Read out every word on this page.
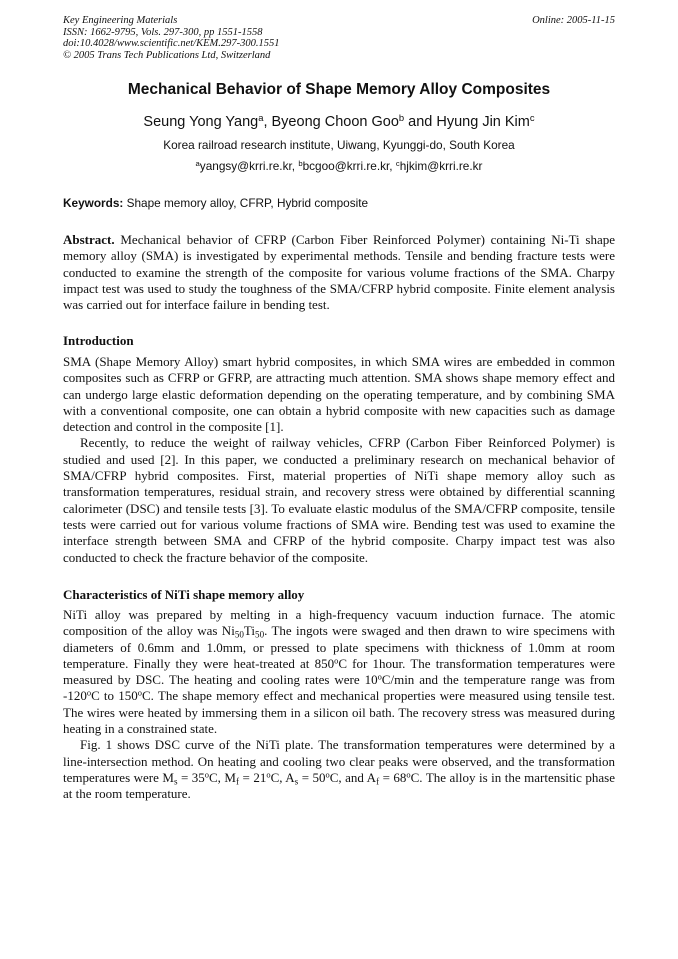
Key Engineering Materials
ISSN: 1662-9795, Vols. 297-300, pp 1551-1558
doi:10.4028/www.scientific.net/KEM.297-300.1551
© 2005 Trans Tech Publications Ltd, Switzerland
Online: 2005-11-15
Mechanical Behavior of Shape Memory Alloy Composites
Seung Yong Yang$^a$, Byeong Choon Goo$^b$ and Hyung Jin Kim$^c$
Korea railroad research institute, Uiwang, Kyunggi-do, South Korea
$^a$yangsy@krri.re.kr, $^b$bcgoo@krri.re.kr, $^c$hjkim@krri.re.kr
Keywords: Shape memory alloy, CFRP, Hybrid composite
Abstract. Mechanical behavior of CFRP (Carbon Fiber Reinforced Polymer) containing Ni-Ti shape memory alloy (SMA) is investigated by experimental methods. Tensile and bending fracture tests were conducted to examine the strength of the composite for various volume fractions of the SMA. Charpy impact test was used to study the toughness of the SMA/CFRP hybrid composite. Finite element analysis was carried out for interface failure in bending test.
Introduction

SMA (Shape Memory Alloy) smart hybrid composites, in which SMA wires are embedded in common composites such as CFRP or GFRP, are attracting much attention. SMA shows shape memory effect and can undergo large elastic deformation depending on the operating temperature, and by combining SMA with a conventional composite, one can obtain a hybrid composite with new capacities such as damage detection and control in the composite [1].

Recently, to reduce the weight of railway vehicles, CFRP (Carbon Fiber Reinforced Polymer) is studied and used [2]. In this paper, we conducted a preliminary research on mechanical behavior of SMA/CFRP hybrid composites. First, material properties of NiTi shape memory alloy such as transformation temperatures, residual strain, and recovery stress were obtained by differential scanning calorimeter (DSC) and tensile tests [3]. To evaluate elastic modulus of the SMA/CFRP composite, tensile tests were carried out for various volume fractions of SMA wire. Bending test was used to examine the interface strength between SMA and CFRP of the hybrid composite. Charpy impact test was also conducted to check the fracture behavior of the composite.

Characteristics of NiTi shape memory alloy

NiTi alloy was prepared by melting in a high-frequency vacuum induction furnace. The atomic composition of the alloy was $Ni_{50}Ti_{50}$. The ingots were swaged and then drawn to wire specimens with diameters of 0.6mm and 1.0mm, or pressed to plate specimens with thickness of 1.0mm at room temperature. Finally they were heat-treated at 850$^o$C for 1hour. The transformation temperatures were measured by DSC. The heating and cooling rates were 10$^o$C/min and the temperature range was from -120$^o$C to 150$^o$C. The shape memory effect and mechanical properties were measured using tensile test. The wires were heated by immersing them in a silicon oil bath. The recovery stress was measured during heating in a constrained state.

Fig. 1 shows DSC curve of the NiTi plate. The transformation temperatures were determined by a line-intersection method. On heating and cooling two clear peaks were observed, and the transformation temperatures were $M_s = 35^oC$, $M_f = 21^oC$, $A_s = 50^oC$, and $A_f = 68^oC$. The alloy is in the martensitic phase at the room temperature.
